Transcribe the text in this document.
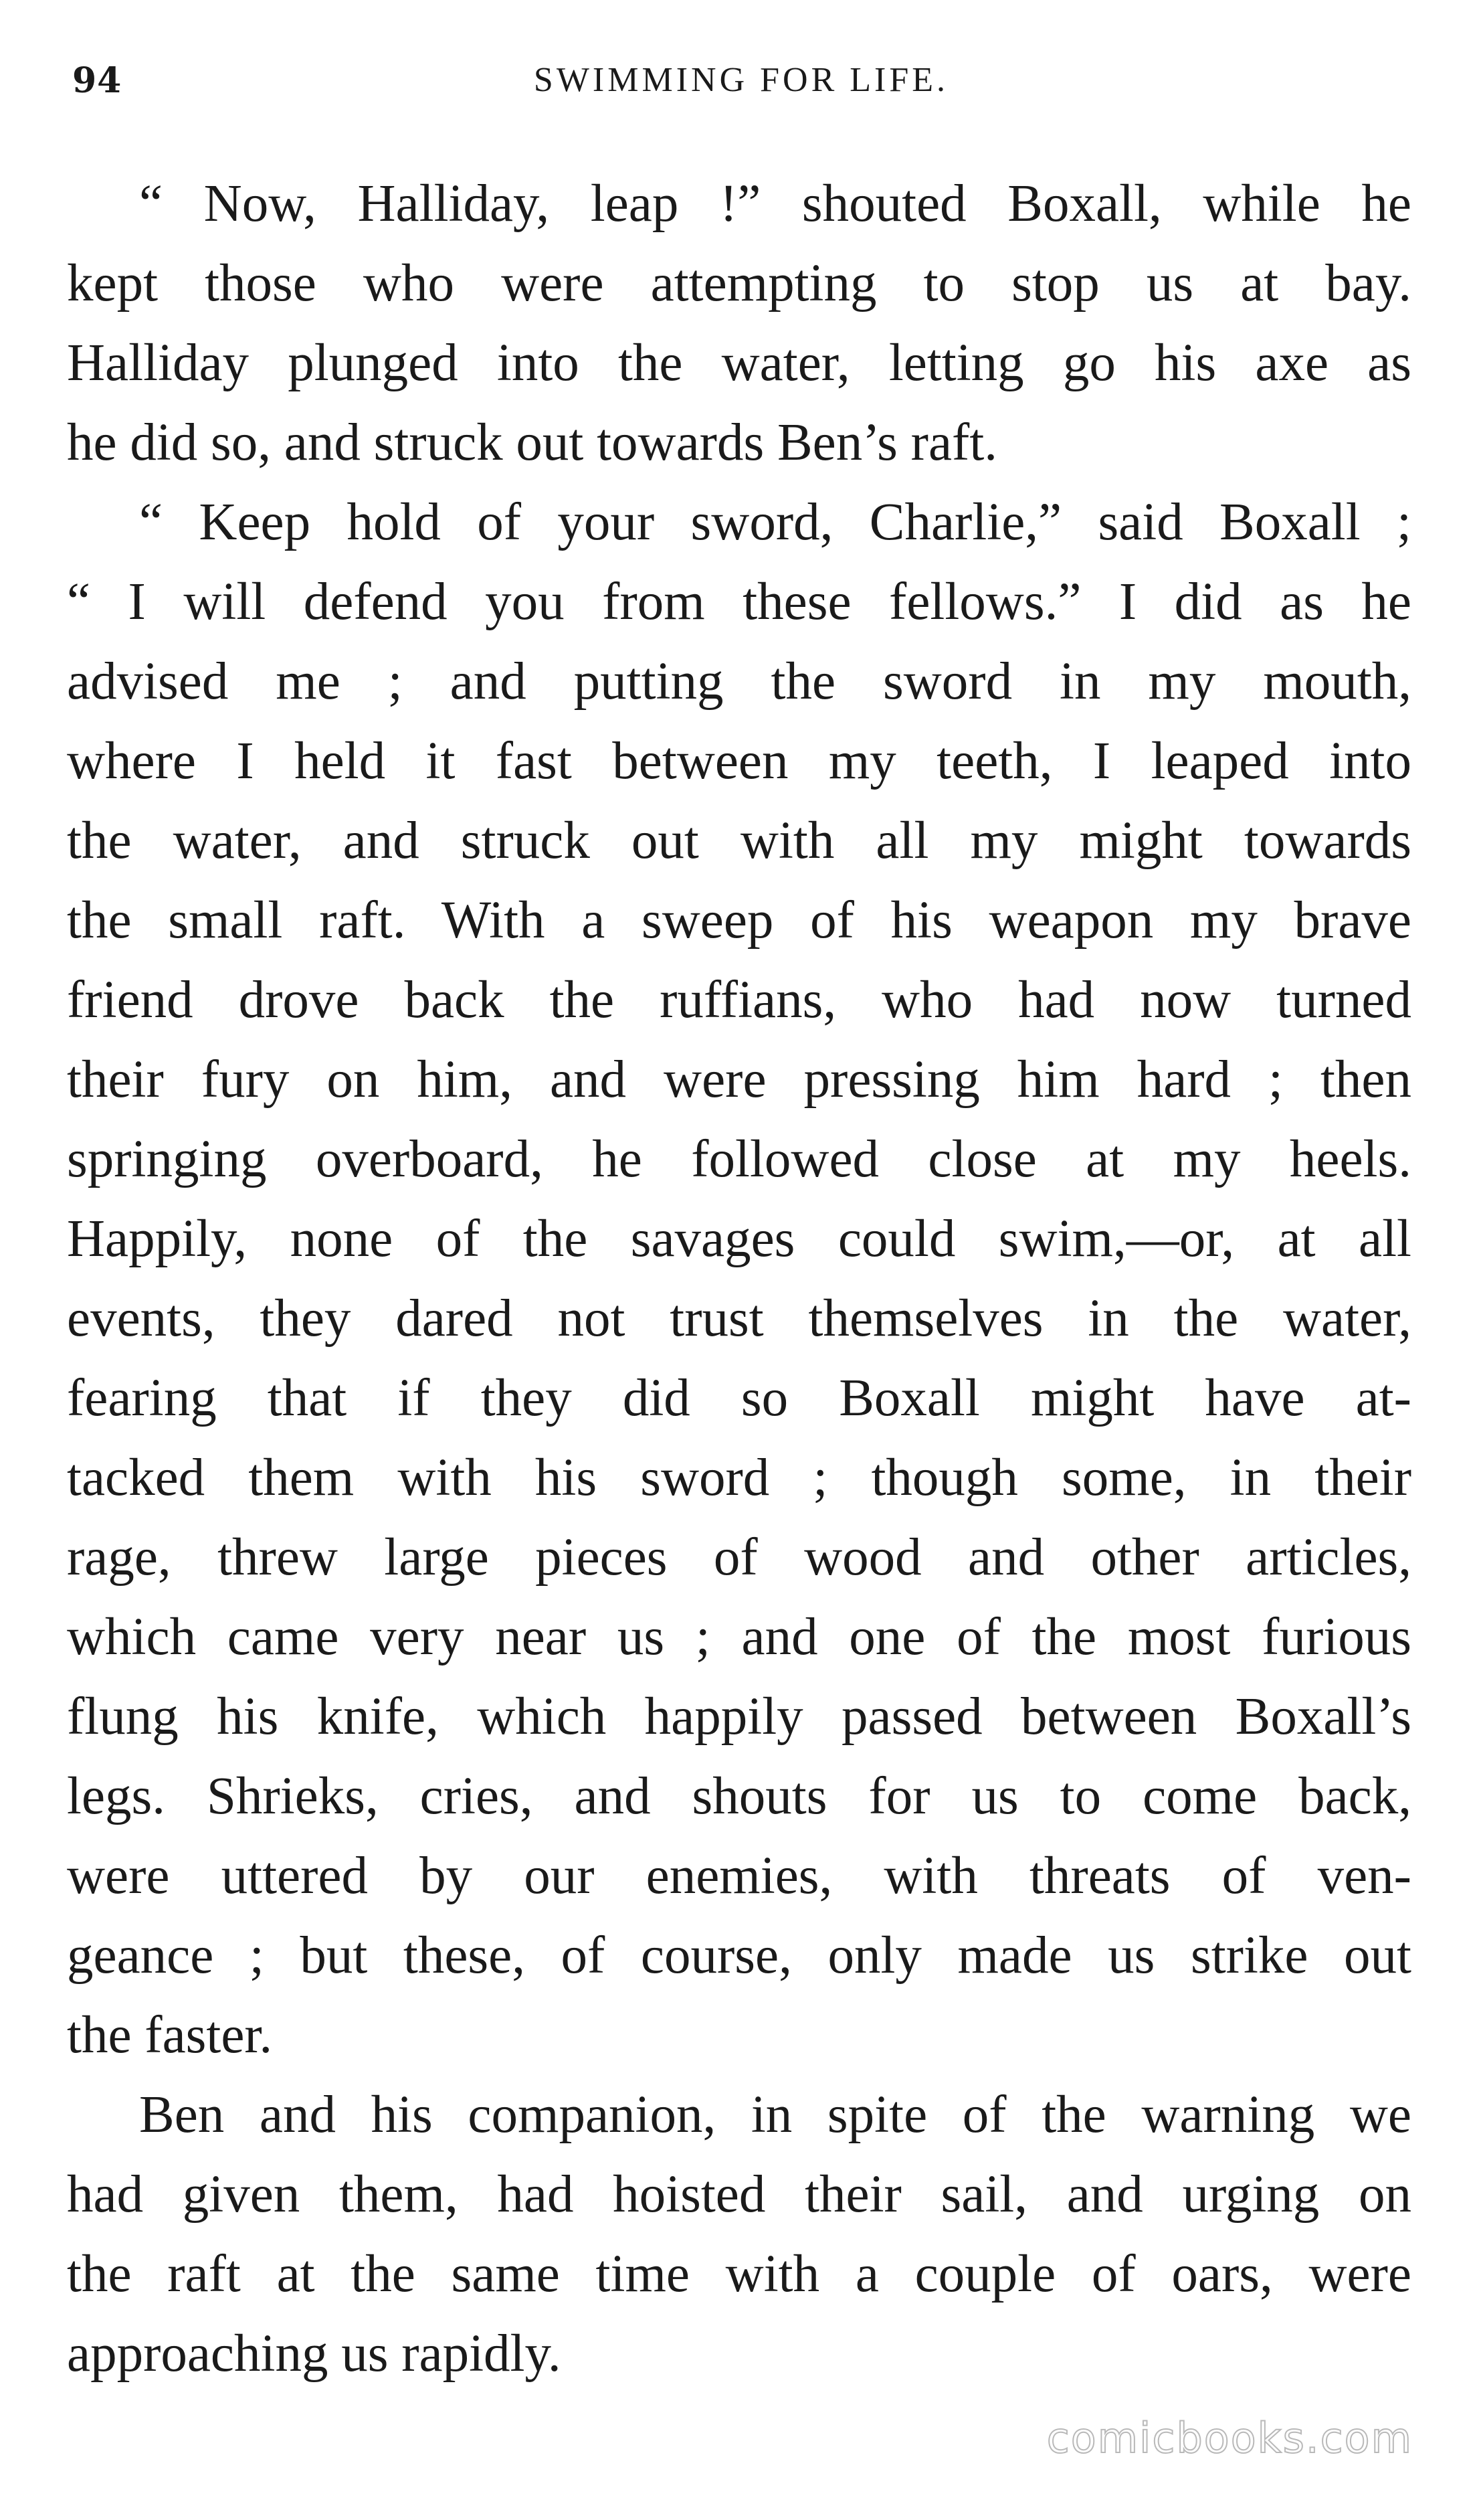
94	SWIMMING FOR LIFE.

“ Now, Halliday, leap !” shouted Boxall, while he
kept those who were attempting to stop us at bay.
Halliday plunged into the water, letting go his axe as
he did so, and struck out towards Ben’s raft.

“ Keep hold of your sword, Charlie,” said Boxall ;
“ I will defend you from these fellows.” I did as he
advised me ; and putting the sword in my mouth,
where I held it fast between my teeth, I leaped into
the water, and struck out with all my might towards
the small raft. With a sweep of his weapon my brave
friend drove back the ruffians, who had now turned
their fury on him, and were pressing him hard ; then
springing overboard, he followed close at my heels.
Happily, none of the savages could swim,—or, at all
events, they dared not trust themselves in the water,
fearing that if they did so Boxall might have at-
tacked them with his sword ; though some, in their
rage, threw large pieces of wood and other articles,
which came very near us ; and one of the most furious
flung his knife, which happily passed between Boxall’s
legs. Shrieks, cries, and shouts for us to come back,
were uttered by our enemies, with threats of ven-
geance ; but these, of course, only made us strike out
the faster.

Ben and his companion, in spite of the warning we
had given them, had hoisted their sail, and urging on
the raft at the same time with a couple of oars, were
approaching us rapidly.

comicbooks.com
